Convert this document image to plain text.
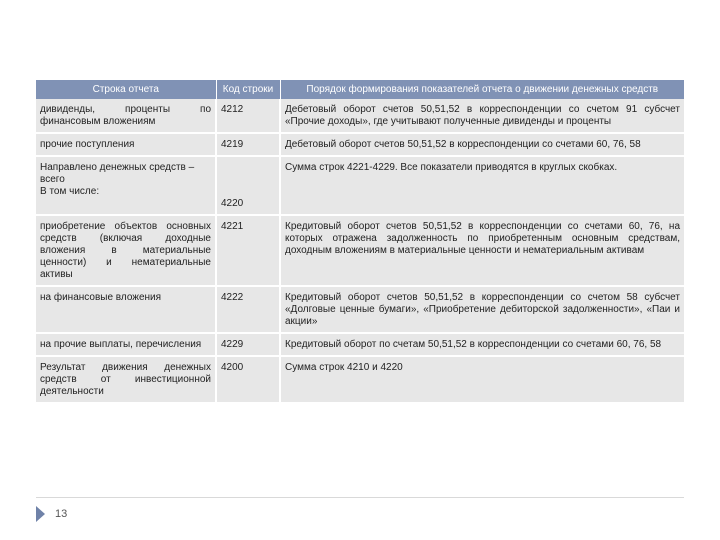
Строка отчета	Код строки	Порядок формирования показателей отчета о движении денежных средств
дивиденды, проценты по финансовым вложениям	4212	Дебетовый оборот счетов 50,51,52 в корреспонденции со счетом 91 субсчет «Прочие доходы», где учитывают полученные дивиденды и проценты
прочие поступления	4219	Дебетовый оборот счетов 50,51,52 в корреспонденции со счетами 60, 76, 58

Направлено денежных средств – всего
В том числе:	4220	Сумма строк 4221-4229. Все показатели приводятся в круглых скобках.
приобретение объектов основных средств (включая доходные вложения в материальные ценности) и нематериальные активы	4221	Кредитовый оборот счетов 50,51,52 в корреспонденции со счетами 60, 76, на которых отражена задолженность по приобретенным основным средствам, доходным вложениям в материальные ценности и нематериальным активам
на финансовые вложения	4222	Кредитовый оборот счетов 50,51,52 в корреспонденции со счетом 58 субсчет «Долговые ценные бумаги», «Приобретение дебиторской задолженности», «Паи и акции»
на прочие выплаты, перечисления	4229	Кредитовый оборот по счетам 50,51,52 в корреспонденции со счетами 60, 76, 58
Результат движения денежных средств от инвестиционной деятельности	4200	Сумма строк 4210 и 4220
13
